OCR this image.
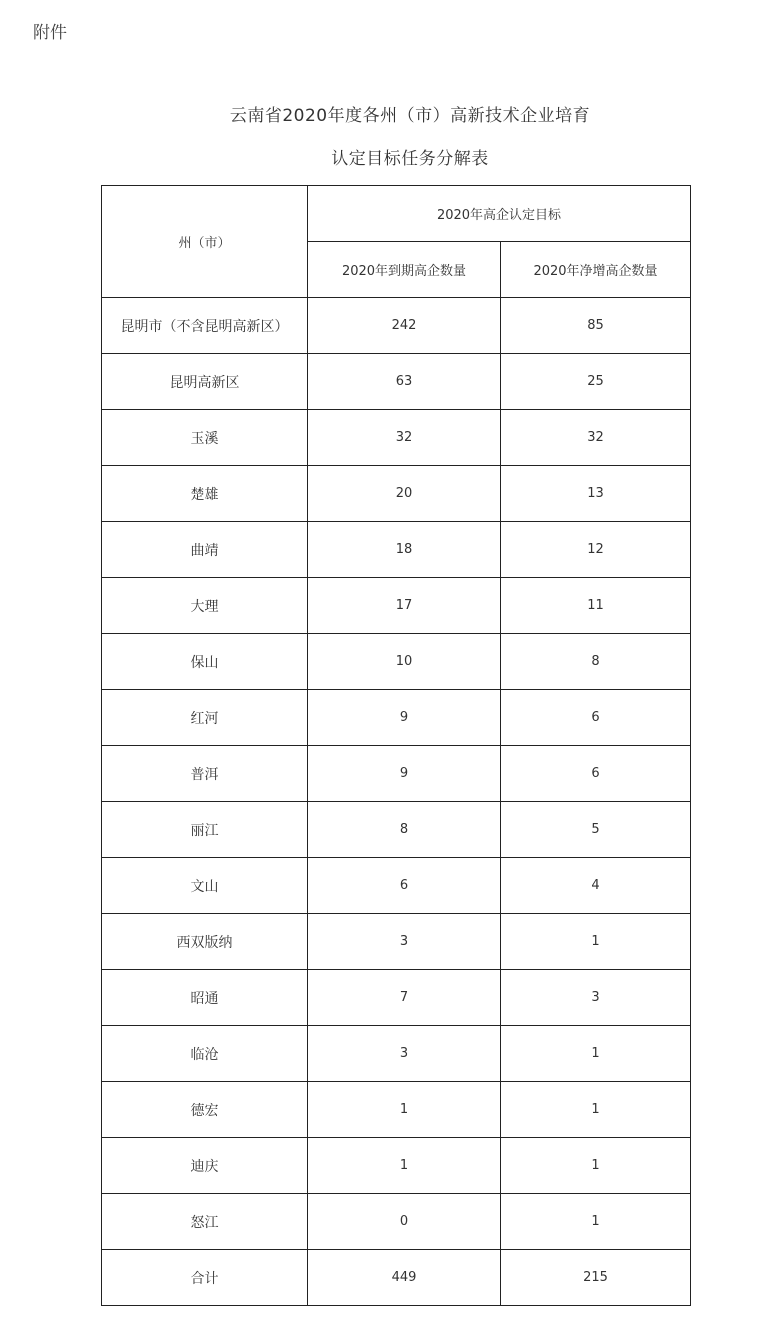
附件
云南省2020年度各州（市）高新技术企业培育
认定目标任务分解表
州（市）	2020年高企认定目标	
	2020年到期高企数量	2020年净增高企数量
昆明市（不含昆明高新区）	242	85
昆明高新区	63	25
玉溪	32	32
楚雄	20	13
曲靖	18	12
大理	17	11
保山	10	8
红河	9	6
普洱	9	6
丽江	8	5
文山	6	4
西双版纳	3	1
昭通	7	3
临沧	3	1
德宏	1	1
迪庆	1	1
怒江	0	1
合计	449	215
